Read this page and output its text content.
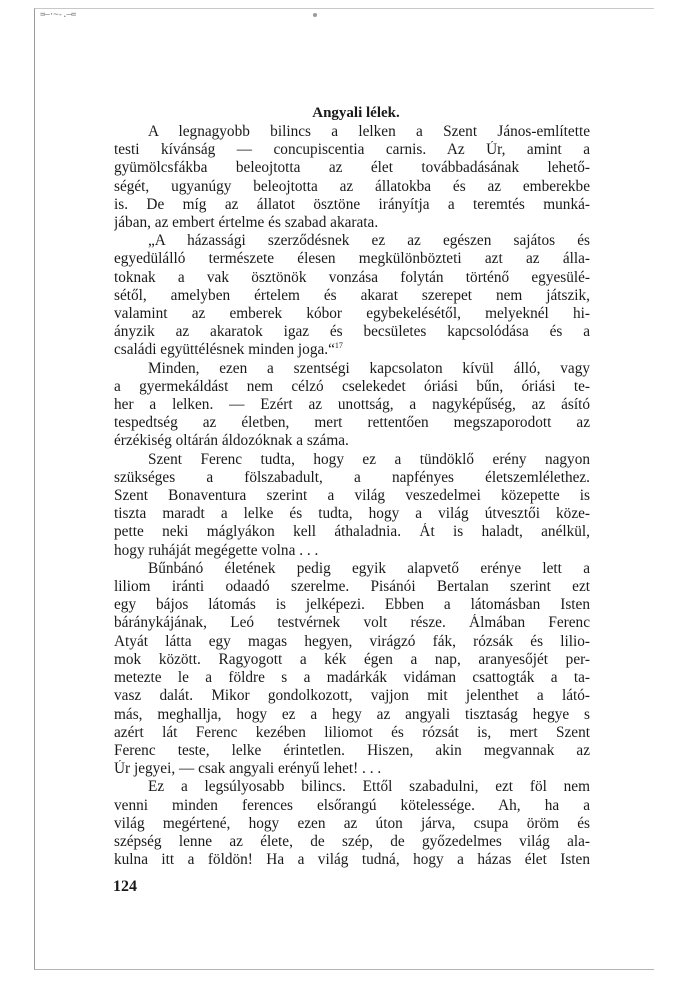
=—·~-.—=
Angyali lélek.
A legnagyobb bilincs a lelken a Szent János-említette
testi kívánság — concupiscentia carnis. Az Úr, amint a
gyümölcsfákba beleojtotta az élet továbbadásának lehető-
ségét, ugyanúgy beleojtotta az állatokba és az emberekbe
is. De míg az állatot ösztöne irányítja a teremtés munká-
jában, az embert értelme és szabad akarata.
„A házassági szerződésnek ez az egészen sajátos és
egyedülálló természete élesen megkülönbözteti azt az álla-
toknak a vak ösztönök vonzása folytán történő egyesülé-
sétől, amelyben értelem és akarat szerepet nem játszik,
valamint az emberek kóbor egybekelésétől, melyeknél hi-
ányzik az akaratok igaz és becsületes kapcsolódása és a
családi együttélésnek minden joga.“$^{17}$
Minden, ezen a szentségi kapcsolaton kívül álló, vagy
a gyermekáldást nem célzó cselekedet óriási bűn, óriási te-
her a lelken. — Ezért az unottság, a nagyképűség, az ásító
tespedtség az életben, mert rettentően megszaporodott az
érzékiség oltárán áldozóknak a száma.
Szent Ferenc tudta, hogy ez a tündöklő erény nagyon
szükséges a fölszabadult, a napfényes életszemlélethez.
Szent Bonaventura szerint a világ veszedelmei közepette is
tiszta maradt a lelke és tudta, hogy a világ útvesztői köze-
pette neki máglyákon kell áthaladnia. Át is haladt, anélkül,
hogy ruháját megégette volna . . .
Bűnbánó életének pedig egyik alapvető erénye lett a
liliom iránti odaadó szerelme. Pisánói Bertalan szerint ezt
egy bájos látomás is jelképezi. Ebben a látomásban Isten
báránykájának, Leó testvérnek volt része. Álmában Ferenc
Atyát látta egy magas hegyen, virágzó fák, rózsák és lilio-
mok között. Ragyogott a kék égen a nap, aranyesőjét per-
metezte le a földre s a madárkák vidáman csattogták a ta-
vasz dalát. Mikor gondolkozott, vajjon mit jelenthet a látó-
más, meghallja, hogy ez a hegy az angyali tisztaság hegye s
azért lát Ferenc kezében liliomot és rózsát is, mert Szent
Ferenc teste, lelke érintetlen. Hiszen, akin megvannak az
Úr jegyei, — csak angyali erényű lehet! . . .
Ez a legsúlyosabb bilincs. Ettől szabadulni, ezt föl nem
venni minden ferences elsőrangú kötelessége. Ah, ha a
világ megértené, hogy ezen az úton járva, csupa öröm és
szépség lenne az élete, de szép, de győzedelmes világ ala-
kulna itt a földön! Ha a világ tudná, hogy a házas élet Isten

124
